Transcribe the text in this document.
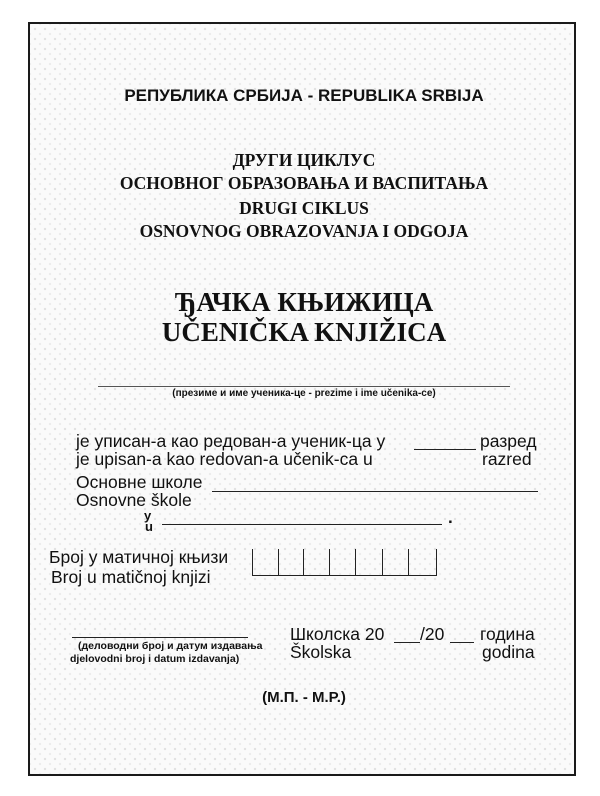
РЕПУБЛИКА СРБИЈА - REPUBLIKA SRBIJA
ДРУГИ ЦИКЛУС
ОСНОВНОГ ОБРАЗОВАЊА И ВАСПИТАЊА
DRUGI CIKLUS
OSNOVNOG OBRAZOVANJA I ODGOJA
ЂАЧКА КЊИЖИЦА
UČENIČKA KNJIŽICA
(презиме и име ученика-це - prezime i ime učenika-ce)
је уписан-а као редован-а ученик-ца у	разред
je upisan-a kao redovan-a učenik-ca u	razred
Основне школе
Osnovne škole
у
u	.
Број у матичној књизи
Broj u matičnoj knjizi
(деловодни број и датум издавања
djelovodni broj i datum izdavanja)
Школска 20 /20 година
Školska	godina
(М.П. - M.P.)
